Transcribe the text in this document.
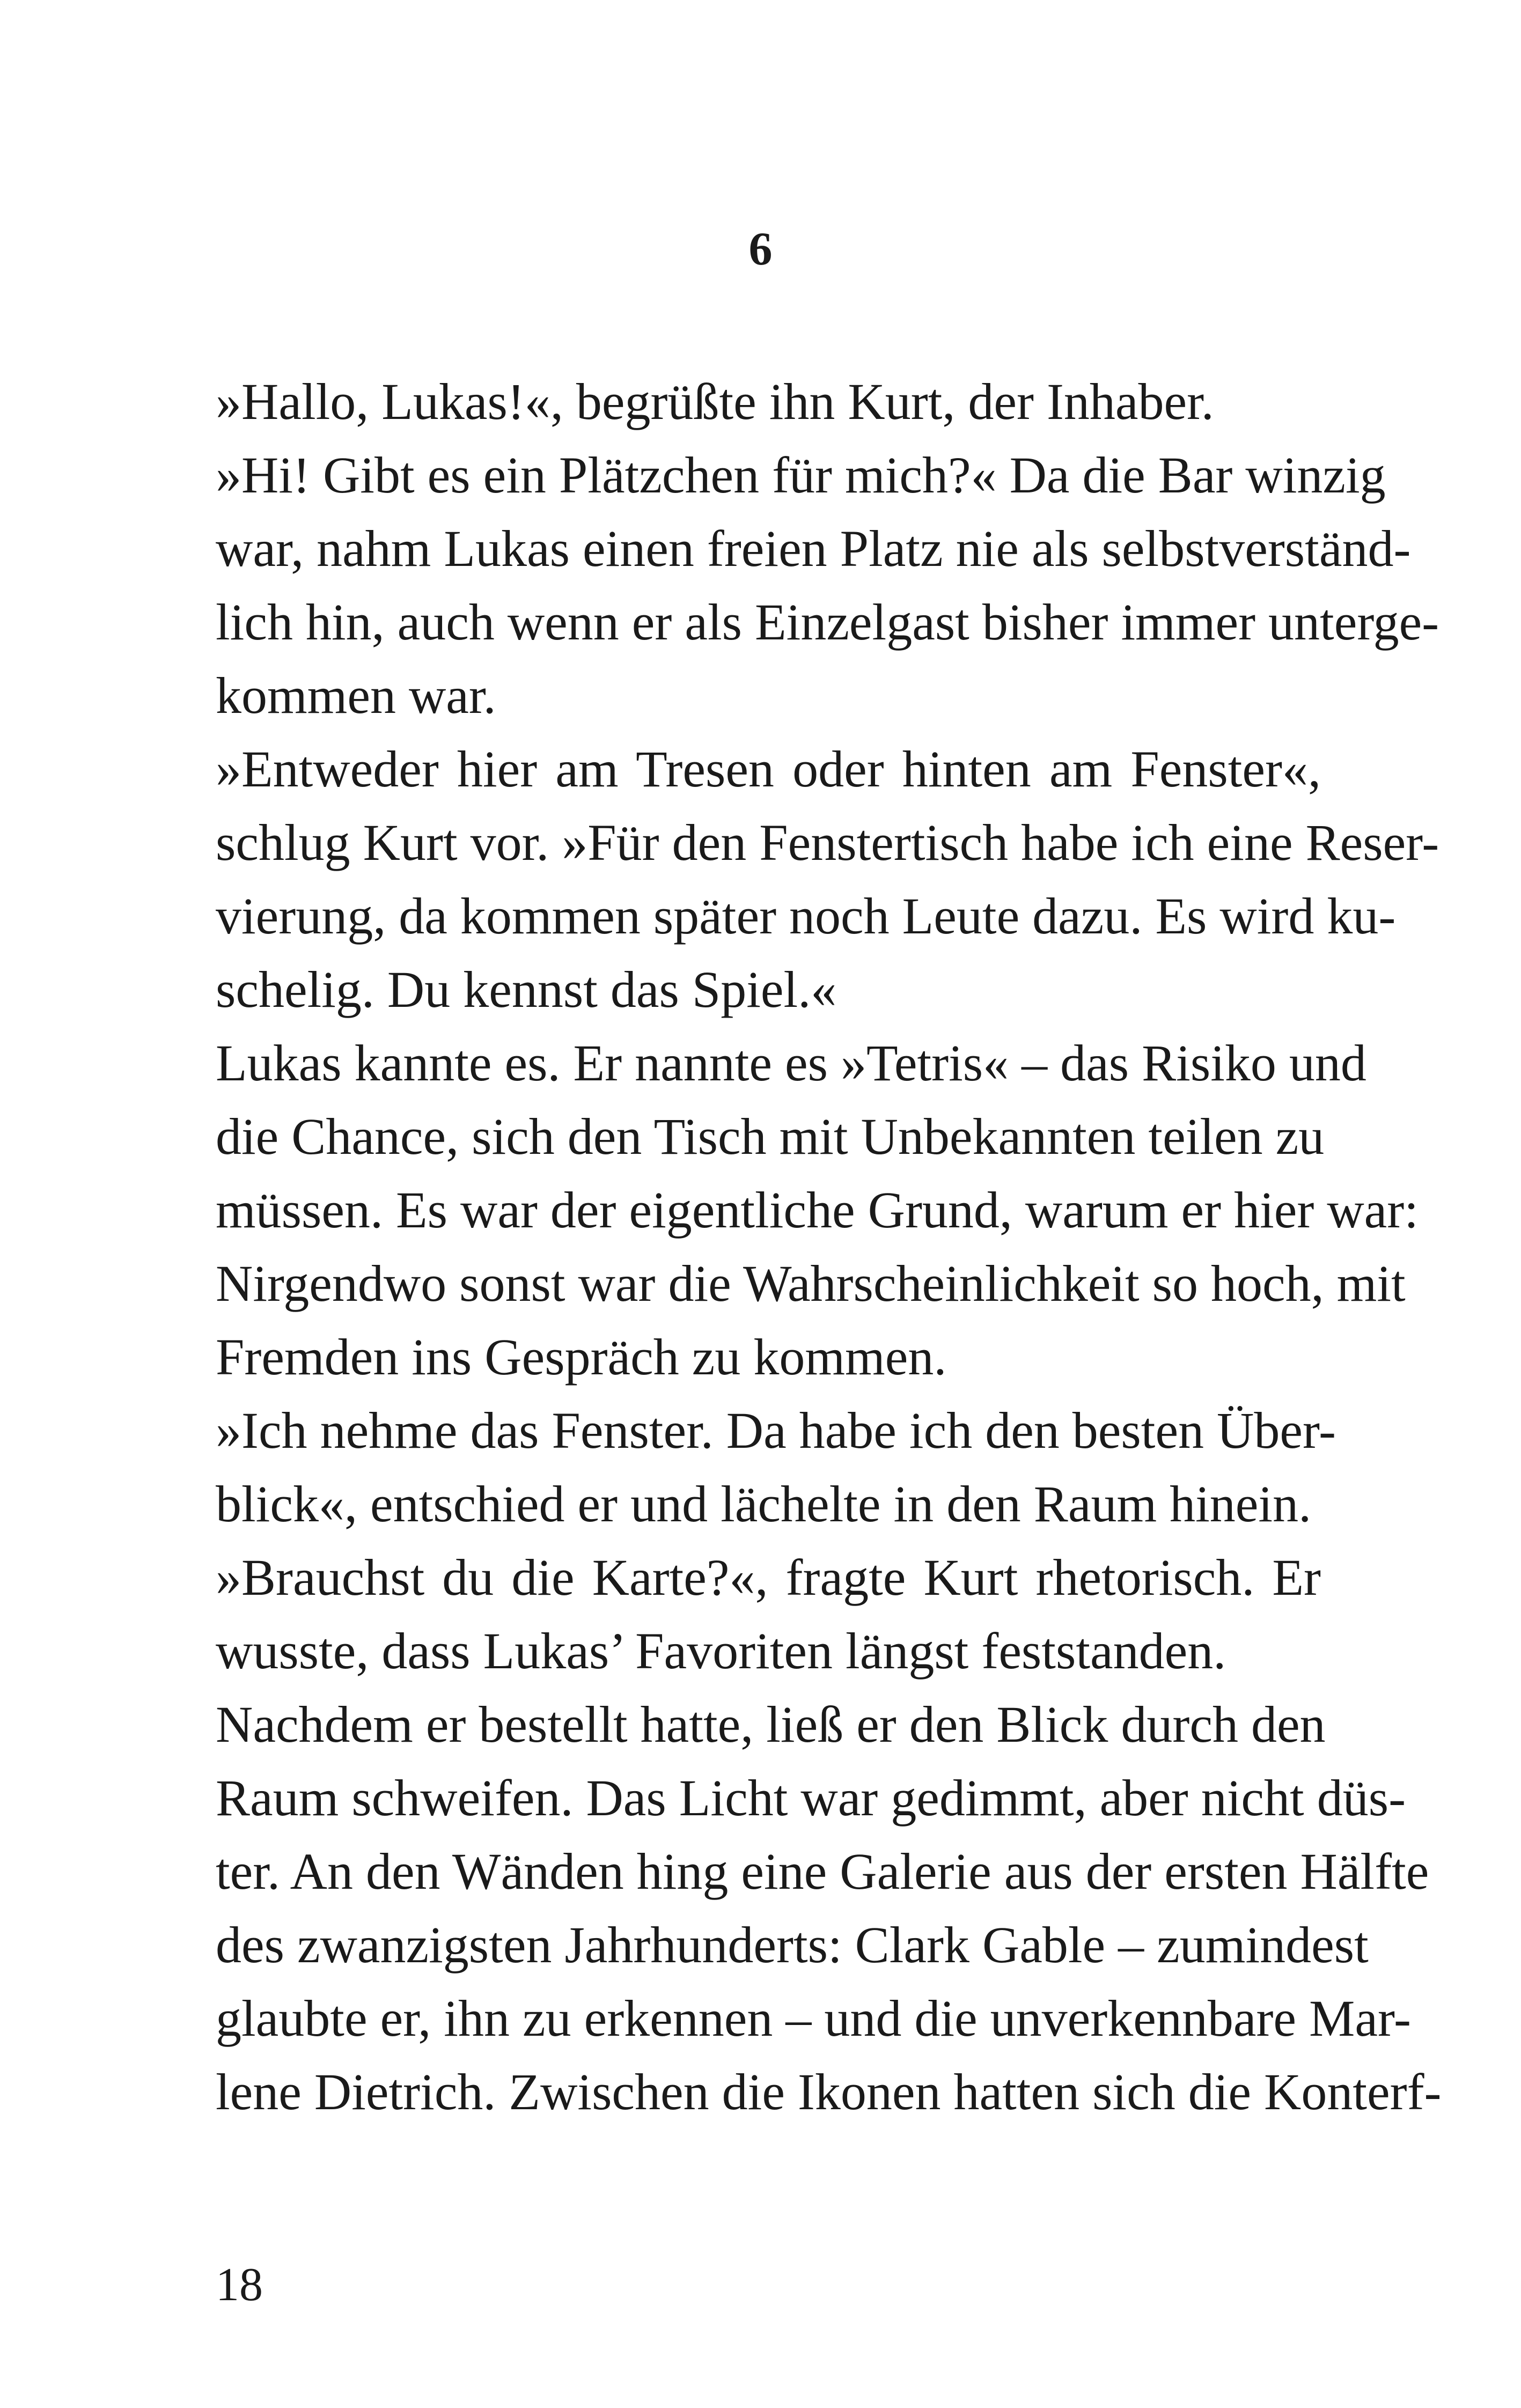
6
»Hallo, Lukas!«, begrüßte ihn Kurt, der Inhaber.
»Hi! Gibt es ein Plätzchen für mich?« Da die Bar winzig
war, nahm Lukas einen freien Platz nie als selbstverständ-
lich hin, auch wenn er als Einzelgast bisher immer unterge-
kommen war.
»Entweder hier am Tresen oder hinten am Fenster«,
schlug Kurt vor. »Für den Fenstertisch habe ich eine Reser-
vierung, da kommen später noch Leute dazu. Es wird ku-
schelig. Du kennst das Spiel.«
Lukas kannte es. Er nannte es »Tetris« – das Risiko und
die Chance, sich den Tisch mit Unbekannten teilen zu
müssen. Es war der eigentliche Grund, warum er hier war:
Nirgendwo sonst war die Wahrscheinlichkeit so hoch, mit
Fremden ins Gespräch zu kommen.
»Ich nehme das Fenster. Da habe ich den besten Über-
blick«, entschied er und lächelte in den Raum hinein.
»Brauchst du die Karte?«, fragte Kurt rhetorisch. Er
wusste, dass Lukas’ Favoriten längst feststanden.
Nachdem er bestellt hatte, ließ er den Blick durch den
Raum schweifen. Das Licht war gedimmt, aber nicht düs-
ter. An den Wänden hing eine Galerie aus der ersten Hälfte
des zwanzigsten Jahrhunderts: Clark Gable – zumindest
glaubte er, ihn zu erkennen – und die unverkennbare Mar-
lene Dietrich. Zwischen die Ikonen hatten sich die Konterf-
18
